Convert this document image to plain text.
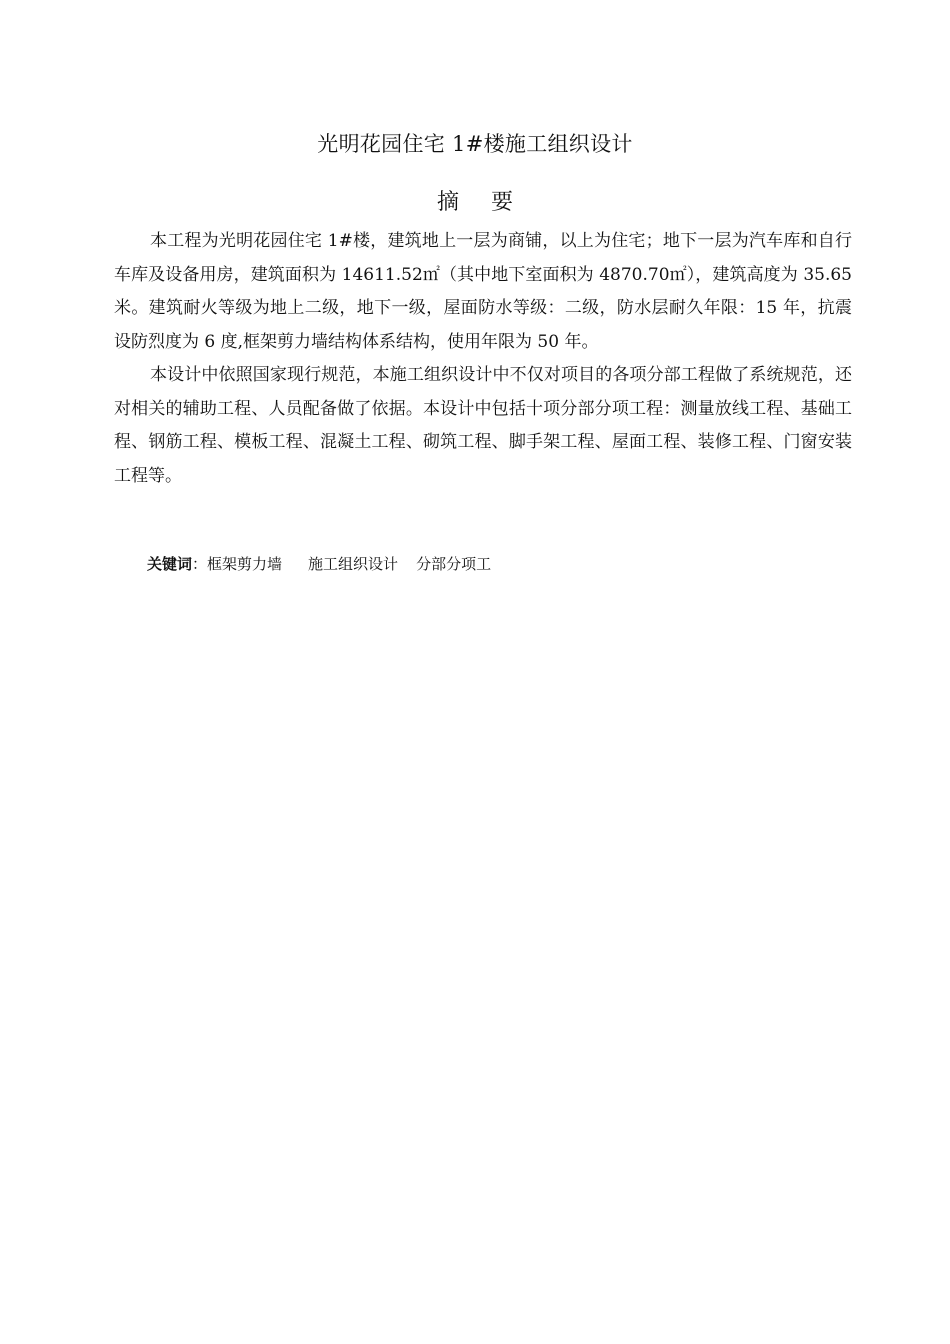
光明花园住宅 1#楼施工组织设计
摘 要

本工程为光明花园住宅 1#楼，建筑地上一层为商铺，以上为住宅；地下一层为汽车库和自行车库及设备用房，建筑面积为 14611.52㎡（其中地下室面积为 4870.70㎡），建筑高度为 35.65 米。建筑耐火等级为地上二级，地下一级，屋面防水等级：二级，防水层耐久年限：15 年，抗震设防烈度为 6 度,框架剪力墙结构体系结构，使用年限为 50 年。

本设计中依照国家现行规范，本施工组织设计中不仅对项目的各项分部工程做了系统规范，还对相关的辅助工程、人员配备做了依据。本设计中包括十项分部分项工程：测量放线工程、基础工程、钢筋工程、模板工程、混凝土工程、砌筑工程、脚手架工程、屋面工程、装修工程、门窗安装工程等。

关键词：框架剪力墙 施工组织设计 分部分项工
